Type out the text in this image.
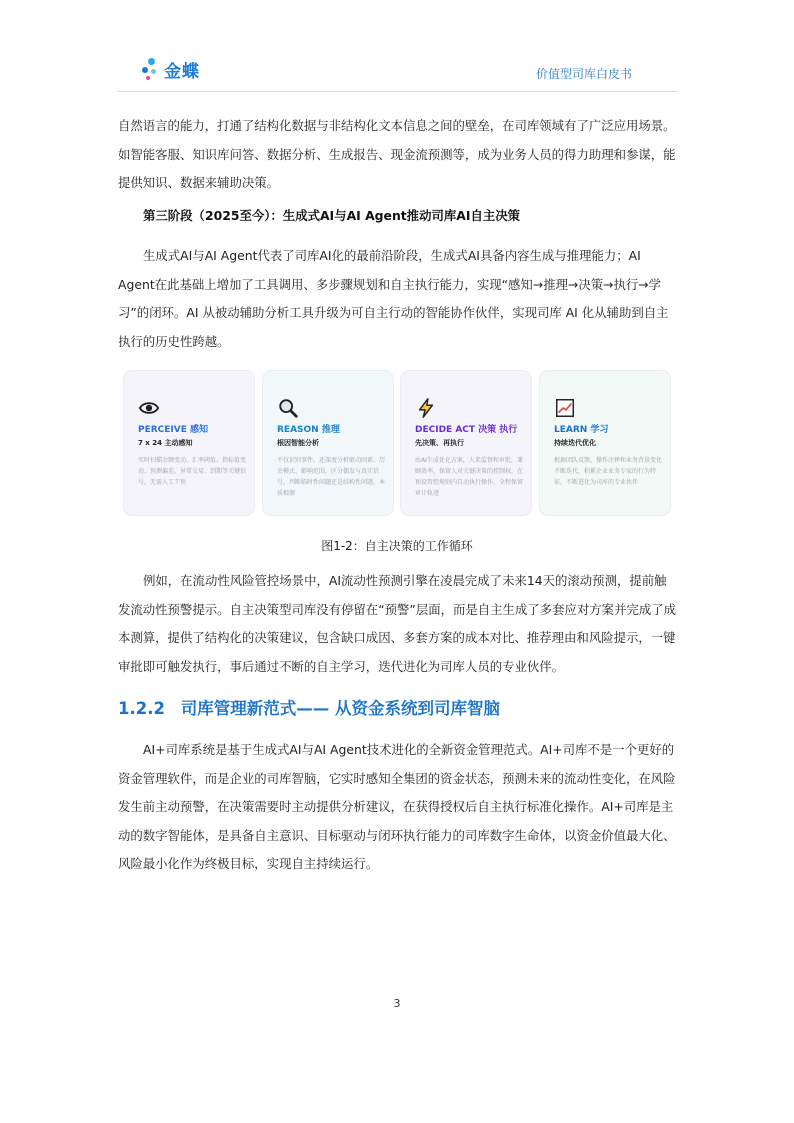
金蝶	价值型司库白皮书

自然语言的能力，打通了结构化数据与非结构化文本信息之间的壁垒，在司库领域有了广泛应用场景。如智能客服、知识库问答、数据分析、生成报告、现金流预测等，成为业务人员的得力助理和参谋，能提供知识、数据来辅助决策。

第三阶段（2025至今）：生成式AI与AI Agent推动司库AI自主决策

生成式AI与AI Agent代表了司库AI化的最前沿阶段，生成式AI具备内容生成与推理能力；AI Agent在此基础上增加了工具调用、多步骤规划和自主执行能力，实现“感知→推理→决策→执行→学习”的闭环。AI 从被动辅助分析工具升级为可自主行动的智能协作伙伴，实现司库 AI 化从辅助到自主执行的历史性跨越。

PERCEIVE 感知
7 x 24 主动感知
实时扫描余额变动、汇率阈值、指标值变动、预测偏差、异常交易、到期等关键信号，无需人工干预
REASON 推理
根因智能分析
不仅识别事件，还深度分析驱动因素、历史模式、影响范围，区分偶发与真实信号，判断临时性问题还是结构性问题，本质根源
DECIDE ACT 决策 执行
先决策、再执行
由AI生成优化方案，人来监督和审批，兼顾效率，保留人对关键决策的控制权，在预设管控规则内自动执行操作，全程保留审计轨迹
LEARN 学习
持续迭代优化
根据团队反馈、操作注释和业务背景变化不断迭代，积累企业业务专家的行为特征，不断进化为司库的专业伙伴
图1-2：自主决策的工作循环

例如，在流动性风险管控场景中，AI流动性预测引擎在凌晨完成了未来14天的滚动预测，提前触发流动性预警提示。自主决策型司库没有停留在“预警”层面，而是自主生成了多套应对方案并完成了成本测算，提供了结构化的决策建议，包含缺口成因、多套方案的成本对比、推荐理由和风险提示，一键审批即可触发执行，事后通过不断的自主学习，迭代进化为司库人员的专业伙伴。

1.2.2 司库管理新范式—— 从资金系统到司库智脑

AI+司库系统是基于生成式AI与AI Agent技术进化的全新资金管理范式。AI+司库不是一个更好的资金管理软件，而是企业的司库智脑，它实时感知全集团的资金状态，预测未来的流动性变化，在风险发生前主动预警，在决策需要时主动提供分析建议，在获得授权后自主执行标准化操作。AI+司库是主动的数字智能体，是具备自主意识、目标驱动与闭环执行能力的司库数字生命体，以资金价值最大化、风险最小化作为终极目标，实现自主持续运行。

3
